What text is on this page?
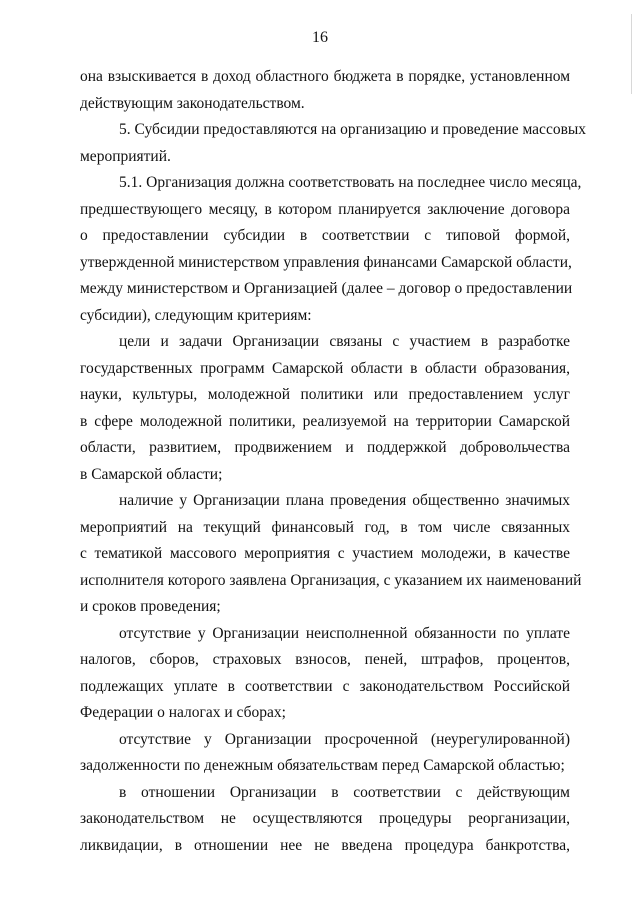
16
она взыскивается в доход областного бюджета в порядке, установленном
действующим законодательством.
5. Субсидии предоставляются на организацию и проведение массовых
мероприятий.
5.1. Организация должна соответствовать на последнее число месяца,
предшествующего месяцу, в котором планируется заключение договора
о предоставлении субсидии в соответствии с типовой формой,
утвержденной министерством управления финансами Самарской области,
между министерством и Организацией (далее – договор о предоставлении
субсидии), следующим критериям:
цели и задачи Организации связаны с участием в разработке
государственных программ Самарской области в области образования,
науки, культуры, молодежной политики или предоставлением услуг
в сфере молодежной политики, реализуемой на территории Самарской
области, развитием, продвижением и поддержкой добровольчества
в Самарской области;
наличие у Организации плана проведения общественно значимых
мероприятий на текущий финансовый год, в том числе связанных
с тематикой массового мероприятия с участием молодежи, в качестве
исполнителя которого заявлена Организация, с указанием их наименований
и сроков проведения;
отсутствие у Организации неисполненной обязанности по уплате
налогов, сборов, страховых взносов, пеней, штрафов, процентов,
подлежащих уплате в соответствии с законодательством Российской
Федерации о налогах и сборах;
отсутствие у Организации просроченной (неурегулированной)
задолженности по денежным обязательствам перед Самарской областью;
в отношении Организации в соответствии с действующим
законодательством не осуществляются процедуры реорганизации,
ликвидации, в отношении нее не введена процедура банкротства,
